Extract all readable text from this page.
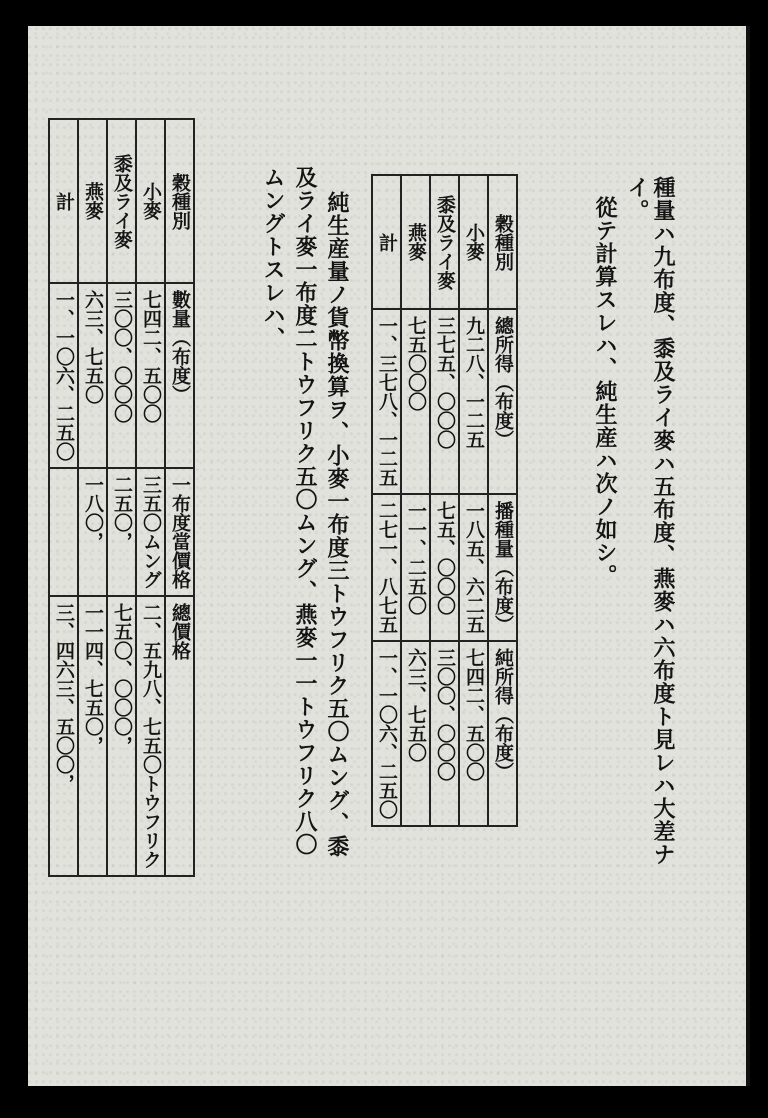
種量ハ九布度、黍及ライ麥ハ五布度、燕麥ハ六布度ト見レハ大差ナ
イ。
從テ計算スレハ、純生産ハ次ノ如シ。
穀種別	總所得（布度）	播種量（布度）	純所得（布度）
小麥	九二八、一二五	一八五、六二五	七四二、五〇〇
黍及ライ麥	三七五、〇〇〇	七五、〇〇〇	三〇〇、〇〇〇
燕麥	七五〇〇〇	一一、二五〇	六三、七五〇
計	一、三七八、一二五	二七一、八七五	一、一〇六、二五〇
純生産量ノ貨幣換算ヲ、小麥一布度三トウフリク五〇ムング、黍
及ライ麥一布度二トウフリク五〇ムング、燕麥一一トウフリク八〇
ムングトスレハ、
穀種別	數量（布度）	一布度當價格	總價格
小麥	七四二、五〇〇	三五〇ムング	二、五九八、七五〇トウフリク
黍及ライ麥	三〇〇、〇〇〇	二五〇，	七五〇、〇〇〇，
燕麥	六三、七五〇	一八〇，	一一四、七五〇，
計	一、一〇六、二五〇		三、四六三、五〇〇，
